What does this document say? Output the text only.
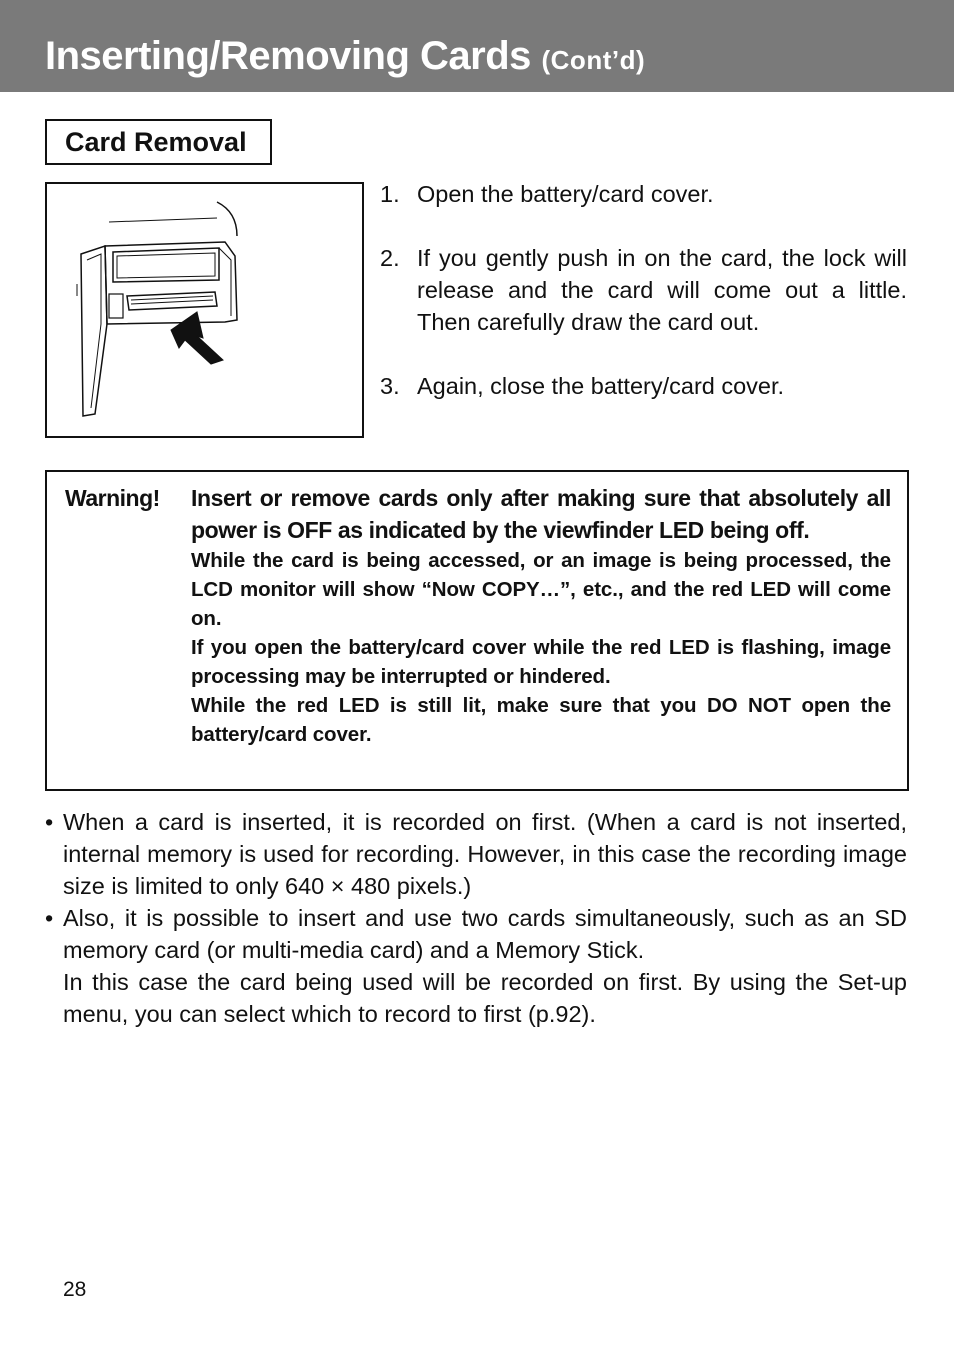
Inserting/Removing Cards (Cont’d)
Card Removal
1. Open the battery/card cover.
2. If you gently push in on the card, the lock will release and the card will come out a little. Then carefully draw the card out.
3. Again, close the battery/card cover.
Warning! Insert or remove cards only after making sure that absolutely all power is OFF as indicated by the viewfinder LED being off.

While the card is being accessed, or an image is being processed, the LCD monitor will show “Now COPY…”, etc., and the red LED will come on.

If you open the battery/card cover while the red LED is flashing, image processing may be interrupted or hindered.

While the red LED is still lit, make sure that you DO NOT open the battery/card cover.

• When a card is inserted, it is recorded on first. (When a card is not inserted, internal memory is used for recording. However, in this case the recording image size is limited to only 640 × 480 pixels.)

• Also, it is possible to insert and use two cards simultaneously, such as an SD memory card (or multi-media card) and a Memory Stick.

In this case the card being used will be recorded on first. By using the Set-up menu, you can select which to record to first (p.92).

28
